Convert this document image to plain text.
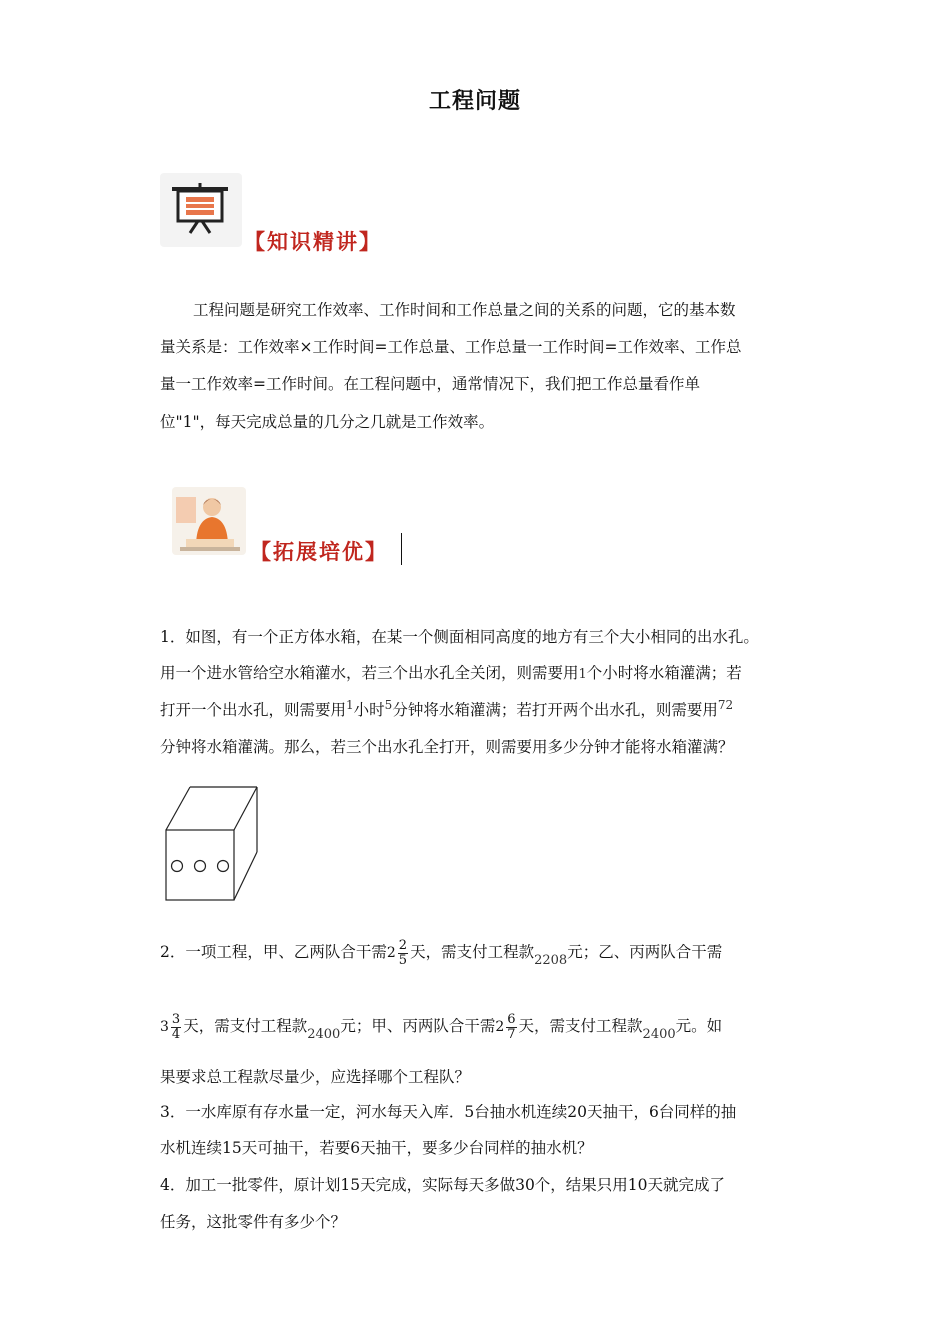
工程问题
【知识精讲】
工程问题是研究工作效率、工作时间和工作总量之间的关系的问题，它的基本数
量关系是：工作效率×工作时间=工作总量、工作总量一工作时间=工作效率、工作总
量一工作效率=工作时间。在工程问题中，通常情况下，我们把工作总量看作单
位"1"，每天完成总量的几分之几就是工作效率。
【拓展培优】
1．如图，有一个正方体水箱，在某一个侧面相同高度的地方有三个大小相同的出水孔。
用一个进水管给空水箱灌水，若三个出水孔全关闭，则需要用1个小时将水箱灌满；若
打开一个出水孔，则需要用$^1$小时$^5$分钟将水箱灌满；若打开两个出水孔，则需要用$^{72}$
分钟将水箱灌满。那么，若三个出水孔全打开，则需要用多少分钟才能将水箱灌满？
2．一项工程，甲、乙两队合干需$2 \frac{2}{5}$ 天，需支付工程款$_{2208}$元；乙、丙两队合干需
$3 \frac{3}{4}$ 天，需支付工程款$_{2400}$元；甲、丙两队合干需$2 \frac{6}{7}$ 天，需支付工程款$_{2400}$元。如
果要求总工程款尽量少，应选择哪个工程队？
3．一水库原有存水量一定，河水每天入库．5台抽水机连续20天抽干，6台同样的抽
水机连续15天可抽干，若要6天抽干，要多少台同样的抽水机？
4．加工一批零件，原计划15天完成，实际每天多做30个，结果只用10天就完成了
任务，这批零件有多少个？
